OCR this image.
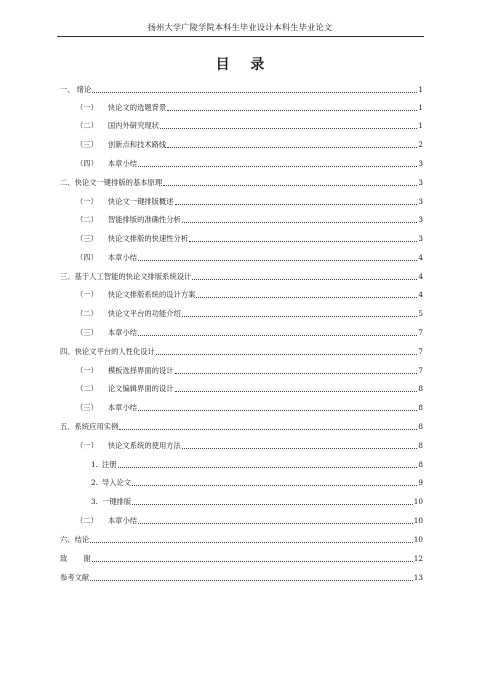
扬州大学广陵学院本科生毕业设计本科生毕业论文
目 录
一、 绪论	1
（一） 快论文的选题背景	1
（二） 国内外研究现状	1
（三） 创新点和技术路线	2
（四） 本章小结	3
二、 快论文一键排版的基本原理	3
（一） 快论文一键排版概述	3
（二） 智能排版的准确性分析	3
（三） 快论文排版的快速性分析	3
（四） 本章小结	4
三、 基于人工智能的快论文排版系统设计	4
（一） 快论文排版系统的设计方案	4
（二） 快论文平台的功能介绍	5
（三） 本章小结	7
四、 快论文平台的人性化设计	7
（一） 模板选择界面的设计	7
（二） 论文编辑界面的设计	8
（三） 本章小结	8
五、 系统应用实例	8
（一） 快论文系统的使用方法	8
1. 注册	8
2. 导入论文	9
3. 一键排版	10
（二） 本章小结	10
六、 结论	10
致 谢	12
参考文献	13
